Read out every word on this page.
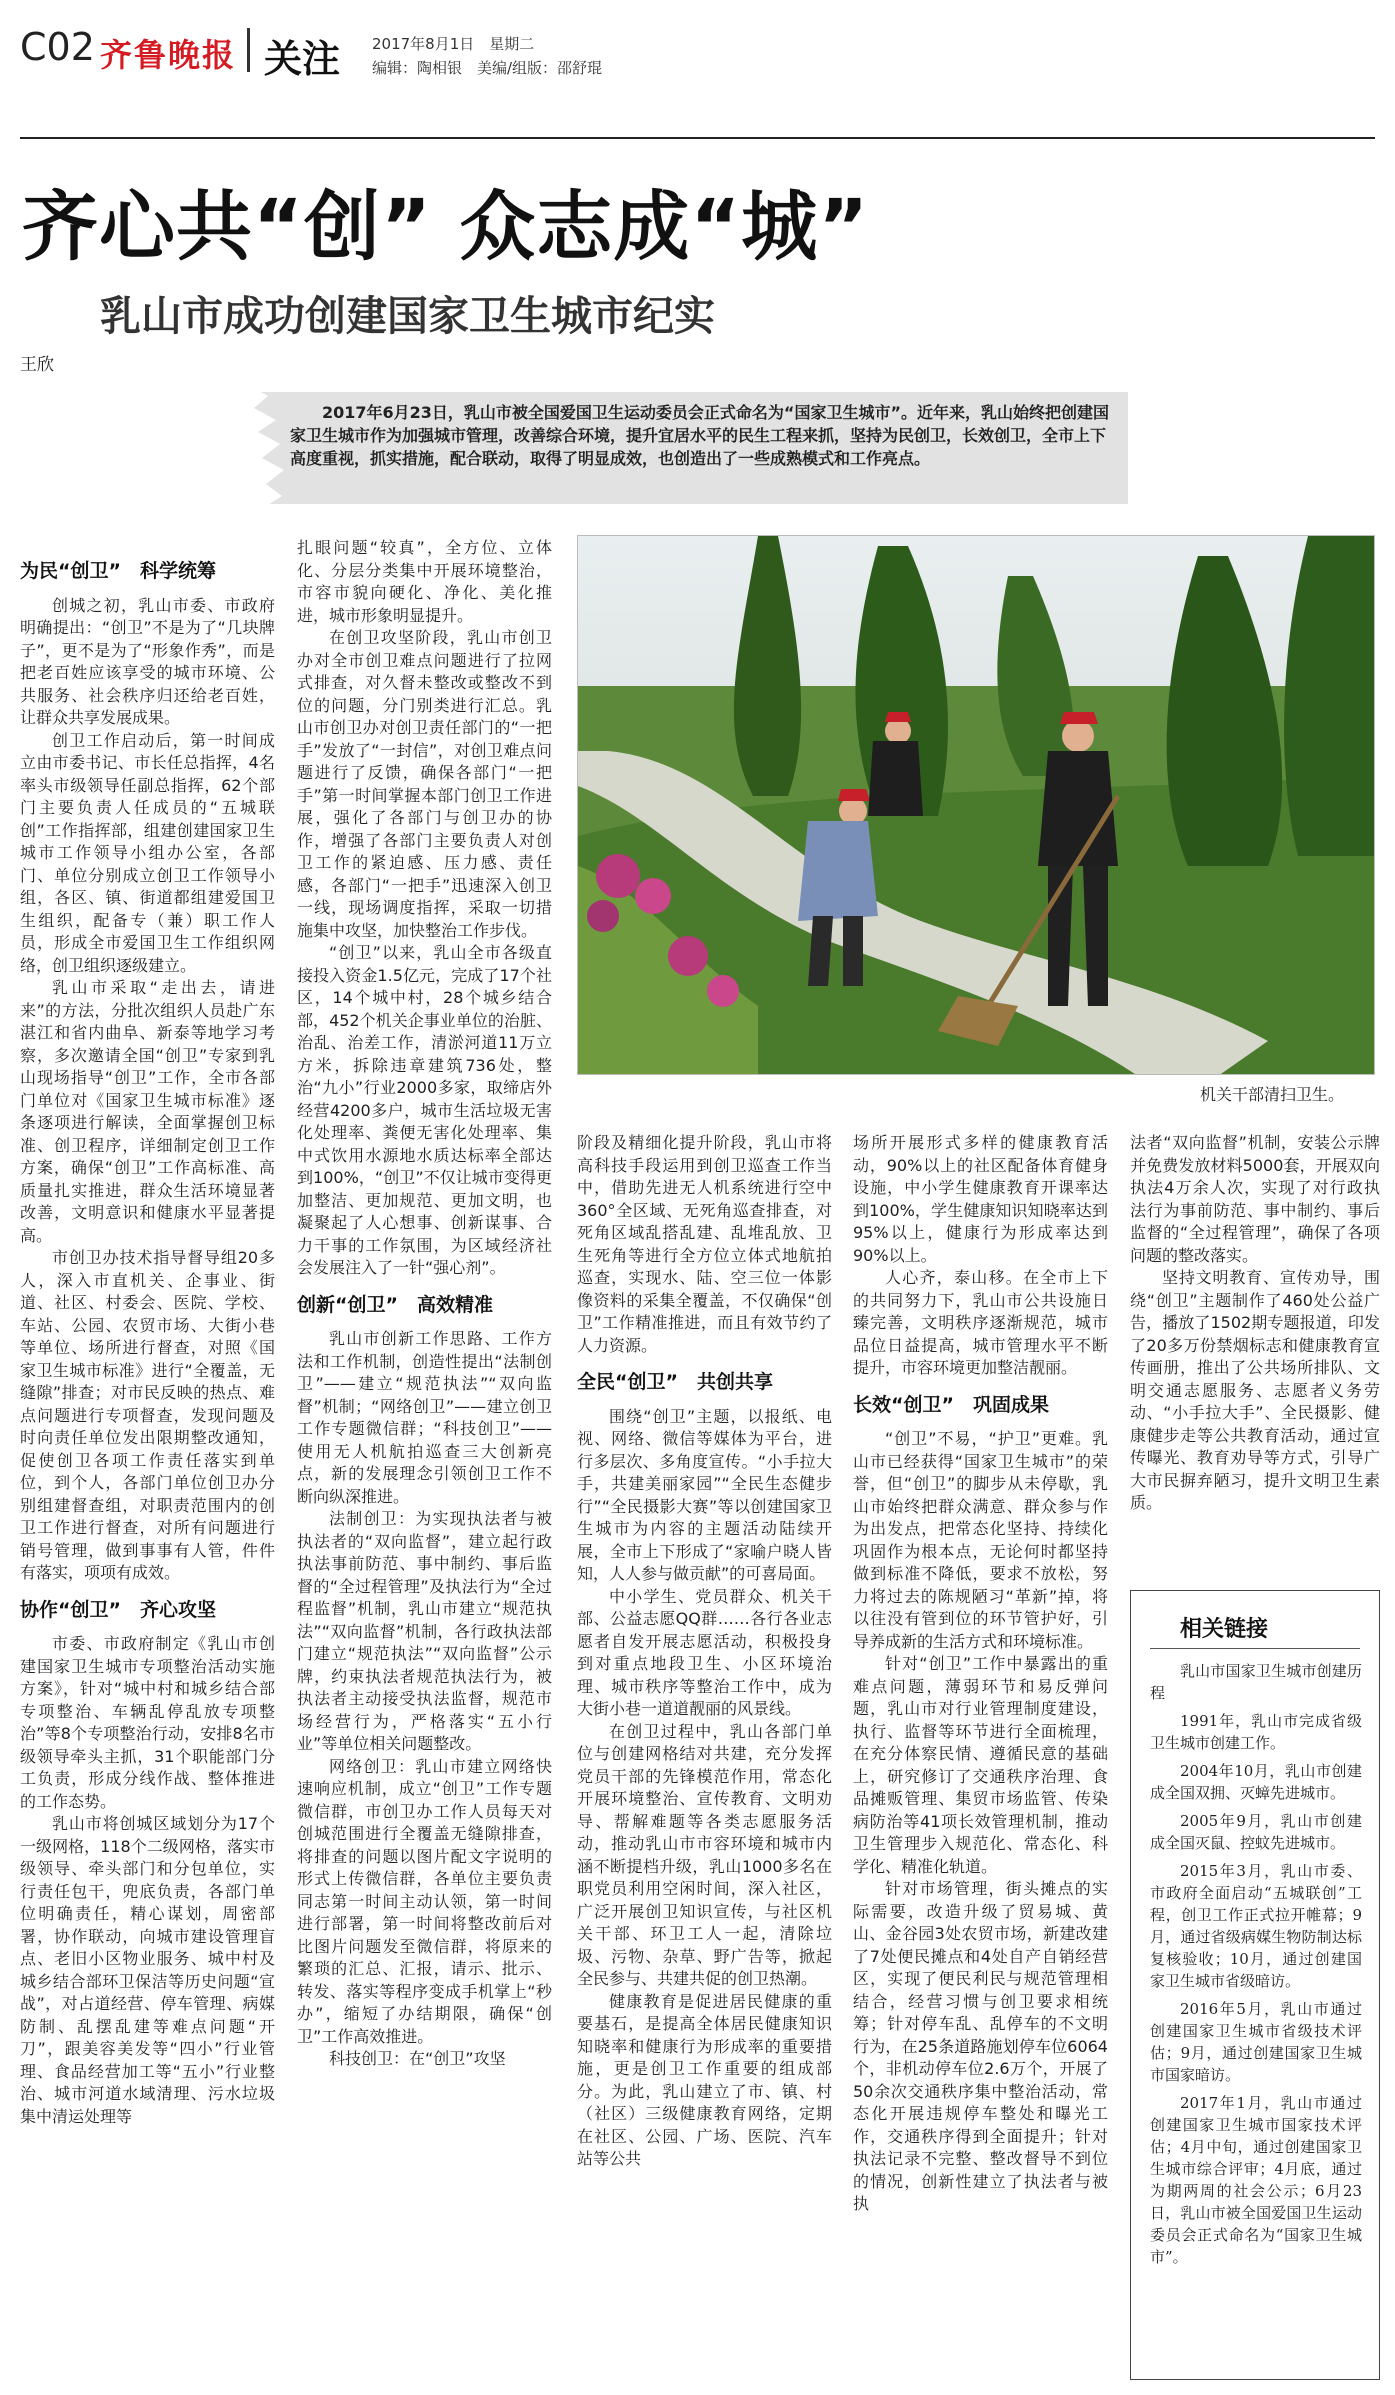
C02 齐鲁晚报 关注 2017年8月1日　星期二
编辑：陶相银　美编/组版：邵舒琨
齐心共“创” 众志成“城”
乳山市成功创建国家卫生城市纪实
王欣

2017年6月23日，乳山市被全国爱国卫生运动委员会正式命名为“国家卫生城市”。近年来，乳山始终把创建国家卫生城市作为加强城市管理，改善综合环境，提升宜居水平的民生工程来抓，坚持为民创卫，长效创卫，全市上下高度重视，抓实措施，配合联动，取得了明显成效，也创造出了一些成熟模式和工作亮点。

为民“创卫”　科学统筹

创城之初，乳山市委、市政府明确提出：“创卫”不是为了“几块牌子”，更不是为了“形象作秀”，而是把老百姓应该享受的城市环境、公共服务、社会秩序归还给老百姓，让群众共享发展成果。

创卫工作启动后，第一时间成立由市委书记、市长任总指挥，4名率头市级领导任副总指挥，62个部门主要负责人任成员的“五城联创”工作指挥部，组建创建国家卫生城市工作领导小组办公室，各部门、单位分别成立创卫工作领导小组，各区、镇、街道都组建爱国卫生组织，配备专（兼）职工作人员，形成全市爱国卫生工作组织网络，创卫组织逐级建立。

乳山市采取“走出去，请进来”的方法，分批次组织人员赴广东湛江和省内曲阜、新泰等地学习考察，多次邀请全国“创卫”专家到乳山现场指导“创卫”工作，全市各部门单位对《国家卫生城市标准》逐条逐项进行解读，全面掌握创卫标准、创卫程序，详细制定创卫工作方案，确保“创卫”工作高标准、高质量扎实推进，群众生活环境显著改善，文明意识和健康水平显著提高。

市创卫办技术指导督导组20多人，深入市直机关、企事业、街道、社区、村委会、医院、学校、车站、公园、农贸市场、大街小巷等单位、场所进行督查，对照《国家卫生城市标准》进行“全覆盖，无缝隙”排查；对市民反映的热点、难点问题进行专项督查，发现问题及时向责任单位发出限期整改通知，促使创卫各项工作责任落实到单位，到个人，各部门单位创卫办分别组建督查组，对职责范围内的创卫工作进行督查，对所有问题进行销号管理，做到事事有人管，件件有落实，项项有成效。

协作“创卫”　齐心攻坚

市委、市政府制定《乳山市创建国家卫生城市专项整治活动实施方案》，针对“城中村和城乡结合部专项整治、车辆乱停乱放专项整治”等8个专项整治行动，安排8名市级领导牵头主抓，31个职能部门分工负责，形成分线作战、整体推进的工作态势。

乳山市将创城区域划分为17个一级网格，118个二级网格，落实市级领导、牵头部门和分包单位，实行责任包干，兜底负责，各部门单位明确责任，精心谋划，周密部署，协作联动，向城市建设管理盲点、老旧小区物业服务、城中村及城乡结合部环卫保洁等历史问题“宣战”，对占道经营、停车管理、病媒防制、乱摆乱建等难点问题“开刀”，跟美容美发等“四小”行业管理、食品经营加工等“五小”行业整治、城市河道水域清理、污水垃圾集中清运处理等

扎眼问题“较真”，全方位、立体化、分层分类集中开展环境整治，市容市貌向硬化、净化、美化推进，城市形象明显提升。

在创卫攻坚阶段，乳山市创卫办对全市创卫难点问题进行了拉网式排查，对久督未整改或整改不到位的问题，分门别类进行汇总。乳山市创卫办对创卫责任部门的“一把手”发放了“一封信”，对创卫难点问题进行了反馈，确保各部门“一把手”第一时间掌握本部门创卫工作进展，强化了各部门与创卫办的协作，增强了各部门主要负责人对创卫工作的紧迫感、压力感、责任感，各部门“一把手”迅速深入创卫一线，现场调度指挥，采取一切措施集中攻坚，加快整治工作步伐。

“创卫”以来，乳山全市各级直接投入资金1.5亿元，完成了17个社区，14个城中村，28个城乡结合部，452个机关企事业单位的治脏、治乱、治差工作，清淤河道11万立方米，拆除违章建筑736处，整治“九小”行业2000多家，取缔店外经营4200多户，城市生活垃圾无害化处理率、粪便无害化处理率、集中式饮用水源地水质达标率全部达到100%，“创卫”不仅让城市变得更加整洁、更加规范、更加文明，也凝聚起了人心想事、创新谋事、合力干事的工作氛围，为区域经济社会发展注入了一针“强心剂”。

创新“创卫”　高效精准

乳山市创新工作思路、工作方法和工作机制，创造性提出“法制创卫”——建立“规范执法”“双向监督”机制；“网络创卫”——建立创卫工作专题微信群；“科技创卫”——使用无人机航拍巡查三大创新亮点，新的发展理念引领创卫工作不断向纵深推进。

法制创卫：为实现执法者与被执法者的“双向监督”，建立起行政执法事前防范、事中制约、事后监督的“全过程管理”及执法行为“全过程监督”机制，乳山市建立“规范执法”“双向监督”机制，各行政执法部门建立“规范执法”“双向监督”公示牌，约束执法者规范执法行为，被执法者主动接受执法监督，规范市场经营行为，严格落实“五小行业”等单位相关问题整改。

网络创卫：乳山市建立网络快速响应机制，成立“创卫”工作专题微信群，市创卫办工作人员每天对创城范围进行全覆盖无缝隙排查，将排查的问题以图片配文字说明的形式上传微信群，各单位主要负责同志第一时间主动认领，第一时间进行部署，第一时间将整改前后对比图片问题发至微信群，将原来的繁琐的汇总、汇报，请示、批示、转发、落实等程序变成手机掌上“秒办”，缩短了办结期限，确保“创卫”工作高效推进。

科技创卫：在“创卫”攻坚

机关干部清扫卫生。

阶段及精细化提升阶段，乳山市将高科技手段运用到创卫巡查工作当中，借助先进无人机系统进行空中360°全区域、无死角巡查排查，对死角区域乱搭乱建、乱堆乱放、卫生死角等进行全方位立体式地航拍巡查，实现水、陆、空三位一体影像资料的采集全覆盖，不仅确保“创卫”工作精准推进，而且有效节约了人力资源。

全民“创卫”　共创共享

围绕“创卫”主题，以报纸、电视、网络、微信等媒体为平台，进行多层次、多角度宣传。“小手拉大手，共建美丽家园”“全民生态健步行”“全民摄影大赛”等以创建国家卫生城市为内容的主题活动陆续开展，全市上下形成了“家喻户晓人皆知，人人参与做贡献”的可喜局面。

中小学生、党员群众、机关干部、公益志愿QQ群……各行各业志愿者自发开展志愿活动，积极投身到对重点地段卫生、小区环境治理、城市秩序等整治工作中，成为大街小巷一道道靓丽的风景线。

在创卫过程中，乳山各部门单位与创建网格结对共建，充分发挥党员干部的先锋模范作用，常态化开展环境整治、宣传教育、文明劝导、帮解难题等各类志愿服务活动，推动乳山市市容环境和城市内涵不断提档升级，乳山1000多名在职党员利用空闲时间，深入社区，广泛开展创卫知识宣传，与社区机关干部、环卫工人一起，清除垃圾、污物、杂草、野广告等，掀起全民参与、共建共促的创卫热潮。

健康教育是促进居民健康的重要基石，是提高全体居民健康知识知晓率和健康行为形成率的重要措施，更是创卫工作重要的组成部分。为此，乳山建立了市、镇、村（社区）三级健康教育网络，定期在社区、公园、广场、医院、汽车站等公共

场所开展形式多样的健康教育活动，90%以上的社区配备体育健身设施，中小学生健康教育开课率达到100%，学生健康知识知晓率达到95%以上，健康行为形成率达到90%以上。

人心齐，泰山移。在全市上下的共同努力下，乳山市公共设施日臻完善，文明秩序逐渐规范，城市品位日益提高，城市管理水平不断提升，市容环境更加整洁靓丽。

长效“创卫”　巩固成果

“创卫”不易，“护卫”更难。乳山市已经获得“国家卫生城市”的荣誉，但“创卫”的脚步从未停歇，乳山市始终把群众满意、群众参与作为出发点，把常态化坚持、持续化巩固作为根本点，无论何时都坚持做到标准不降低，要求不放松，努力将过去的陈规陋习“革新”掉，将以往没有管到位的环节管护好，引导养成新的生活方式和环境标准。

针对“创卫”工作中暴露出的重难点问题，薄弱环节和易反弹问题，乳山市对行业管理制度建设，执行、监督等环节进行全面梳理，在充分体察民情、遵循民意的基础上，研究修订了交通秩序治理、食品摊贩管理、集贸市场监管、传染病防治等41项长效管理机制，推动卫生管理步入规范化、常态化、科学化、精准化轨道。

针对市场管理，街头摊点的实际需要，改造升级了贸易城、黄山、金谷园3处农贸市场，新建改建了7处便民摊点和4处自产自销经营区，实现了便民利民与规范管理相结合，经营习惯与创卫要求相统筹；针对停车乱、乱停车的不文明行为，在25条道路施划停车位6064个，非机动停车位2.6万个，开展了50余次交通秩序集中整治活动，常态化开展违规停车整处和曝光工作，交通秩序得到全面提升；针对执法记录不完整、整改督导不到位的情况，创新性建立了执法者与被执

法者“双向监督”机制，安装公示牌并免费发放材料5000套，开展双向执法4万余人次，实现了对行政执法行为事前防范、事中制约、事后监督的“全过程管理”，确保了各项问题的整改落实。

坚持文明教育、宣传劝导，围绕“创卫”主题制作了460处公益广告，播放了1502期专题报道，印发了20多万份禁烟标志和健康教育宣传画册，推出了公共场所排队、文明交通志愿服务、志愿者义务劳动、“小手拉大手”、全民摄影、健康健步走等公共教育活动，通过宣传曝光、教育劝导等方式，引导广大市民摒弃陋习，提升文明卫生素质。

相关链接

乳山市国家卫生城市创建历程

1991年，乳山市完成省级卫生城市创建工作。

2004年10月，乳山市创建成全国双拥、灭蟑先进城市。

2005年9月，乳山市创建成全国灭鼠、控蚊先进城市。

2015年3月，乳山市委、市政府全面启动“五城联创”工程，创卫工作正式拉开帷幕；9月，通过省级病媒生物防制达标复核验收；10月，通过创建国家卫生城市省级暗访。

2016年5月，乳山市通过创建国家卫生城市省级技术评估；9月，通过创建国家卫生城市国家暗访。

2017年1月，乳山市通过创建国家卫生城市国家技术评估；4月中旬，通过创建国家卫生城市综合评审；4月底，通过为期两周的社会公示；6月23日，乳山市被全国爱国卫生运动委员会正式命名为“国家卫生城市”。
